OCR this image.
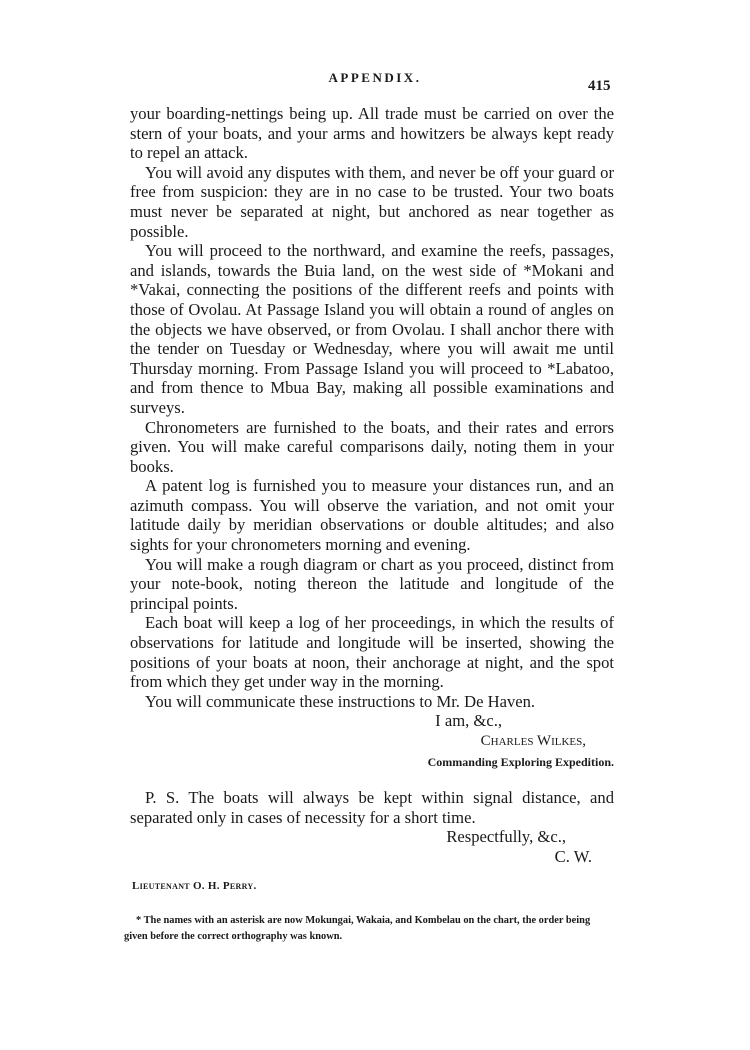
APPENDIX.
415

your boarding-nettings being up. All trade must be carried on over the stern of your boats, and your arms and howitzers be always kept ready to repel an attack.

You will avoid any disputes with them, and never be off your guard or free from suspicion: they are in no case to be trusted. Your two boats must never be separated at night, but anchored as near together as possible.

You will proceed to the northward, and examine the reefs, passages, and islands, towards the Buia land, on the west side of *Mokani and *Vakai, connecting the positions of the different reefs and points with those of Ovolau. At Passage Island you will obtain a round of angles on the objects we have observed, or from Ovolau. I shall anchor there with the tender on Tuesday or Wednesday, where you will await me until Thursday morning. From Passage Island you will proceed to *Labatoo, and from thence to Mbua Bay, making all possible examinations and surveys.

Chronometers are furnished to the boats, and their rates and errors given. You will make careful comparisons daily, noting them in your books.

A patent log is furnished you to measure your distances run, and an azimuth compass. You will observe the variation, and not omit your latitude daily by meridian observations or double altitudes; and also sights for your chronometers morning and evening.

You will make a rough diagram or chart as you proceed, distinct from your note-book, noting thereon the latitude and longitude of the principal points.

Each boat will keep a log of her proceedings, in which the results of observations for latitude and longitude will be inserted, showing the positions of your boats at noon, their anchorage at night, and the spot from which they get under way in the morning.

You will communicate these instructions to Mr. De Haven.

I am, &c.,
Charles Wilkes,
Commanding Exploring Expedition.

P. S. The boats will always be kept within signal distance, and separated only in cases of necessity for a short time.

Respectfully, &c.,
C. W.
Lieutenant O. H. Perry.

* The names with an asterisk are now Mokungai, Wakaia, and Kombelau on the chart, the order being given before the correct orthography was known.
